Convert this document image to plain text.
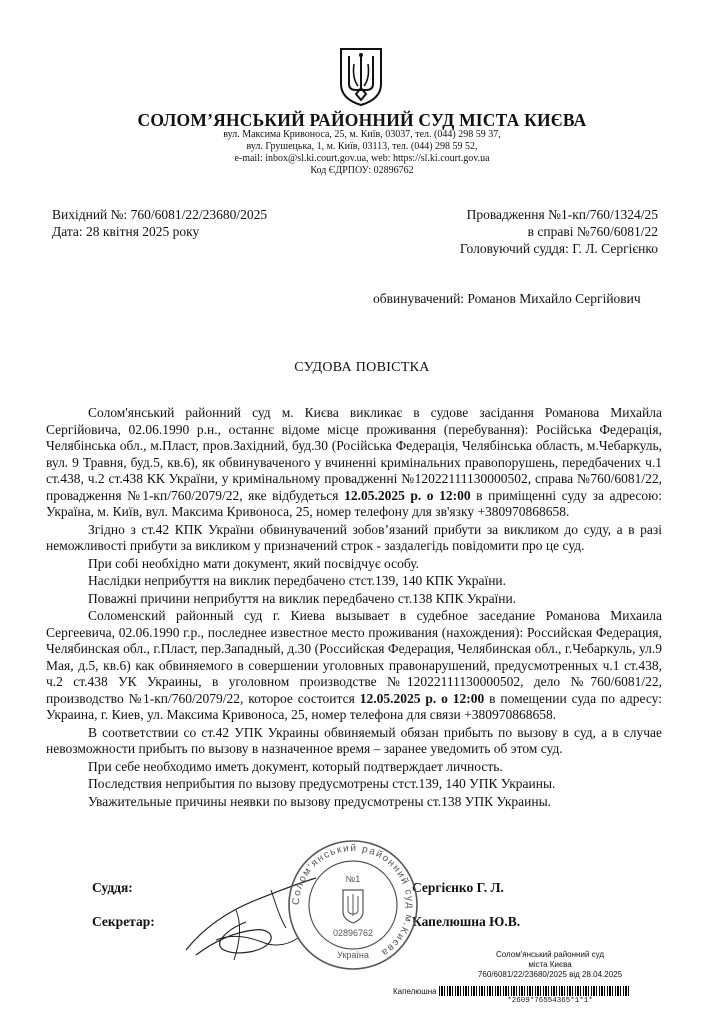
СОЛОМ’ЯНСЬКИЙ РАЙОННИЙ СУД МІСТА КИЄВА
вул. Максима Кривоноса, 25, м. Київ, 03037, тел. (044) 298 59 37,
вул. Грушецька, 1, м. Київ, 03113, тел. (044) 298 59 52,
e-mail: inbox@sl.ki.court.gov.ua, web: https://sl.ki.court.gov.ua
Код ЄДРПОУ: 02896762
Вихідний №: 760/6081/22/23680/2025
Дата: 28 квітня 2025 року
Провадження №1-кп/760/1324/25
в справі №760/6081/22
Головуючий суддя: Г. Л. Сергієнко
обвинувачений: Романов Михайло Сергійович
СУДОВА ПОВІСТКА

Солом'янський районний суд м. Києва викликає в судове засідання Романова Михайла Сергійовича, 02.06.1990 р.н., останнє відоме місце проживання (перебування): Російська Федерація, Челябінська обл., м.Пласт, пров.Західний, буд.30 (Російська Федерація, Челябінська область, м.Чебаркуль, вул. 9 Травня, буд.5, кв.6), як обвинуваченого у вчиненні кримінальних правопорушень, передбачених ч.1 ст.438, ч.2 ст.438 КК України, у кримінальному провадженні №12022111130000502, справа №760/6081/22, провадження №1-кп/760/2079/22, яке відбудеться 12.05.2025 р. о 12:00 в приміщенні суду за адресою: Україна, м. Київ, вул. Максима Кривоноса, 25, номер телефону для зв'язку +380970868658.

Згідно з ст.42 КПК України обвинувачений зобов’язаний прибути за викликом до суду, а в разі неможливості прибути за викликом у призначений строк - заздалегідь повідомити про це суд.

При собі необхідно мати документ, який посвідчує особу.

Наслідки неприбуття на виклик передбачено стст.139, 140 КПК України.

Поважні причини неприбуття на виклик передбачено ст.138 КПК України.

Соломенский районный суд г. Киева вызывает в судебное заседание Романова Михаила Сергеевича, 02.06.1990 г.р., последнее известное место проживания (нахождения): Российская Федерация, Челябинская обл., г.Пласт, пер.Западный, д.30 (Российская Федерация, Челябинская обл., г.Чебаркуль, ул.9 Мая, д.5, кв.6) как обвиняемого в совершении уголовных правонарушений, предусмотренных ч.1 ст.438, ч.2 ст.438 УК Украины, в уголовном производстве №12022111130000502, дело №760/6081/22, производство №1-кп/760/2079/22, которое состоится 12.05.2025 р. о 12:00 в помещении суда по адресу: Украина, г. Киев, ул. Максима Кривоноса, 25, номер телефона для связи +380970868658.

В соответствии со ст.42 УПК Украины обвиняемый обязан прибыть по вызову в суд, а в случае невозможности прибыть по вызову в назначенное время – заранее уведомить об этом суд.

При себе необходимо иметь документ, который подтверждает личность.

Последствия неприбытия по вызову предусмотрены стст.139, 140 УПК Украины.

Уважительные причины неявки по вызову предусмотрены ст.138 УПК Украины.

Суддя:	Сергієнко Г. Л.
Секретар:	Капелюшна Ю.В.
Солом'янський районний суд м.Києва
№1
02896762
Україна	Солом'янський районний суд
міста Києва
760/6081/22/23680/2025 від 28.04.2025
Капелюшна
*2609*76554365*1*1*
